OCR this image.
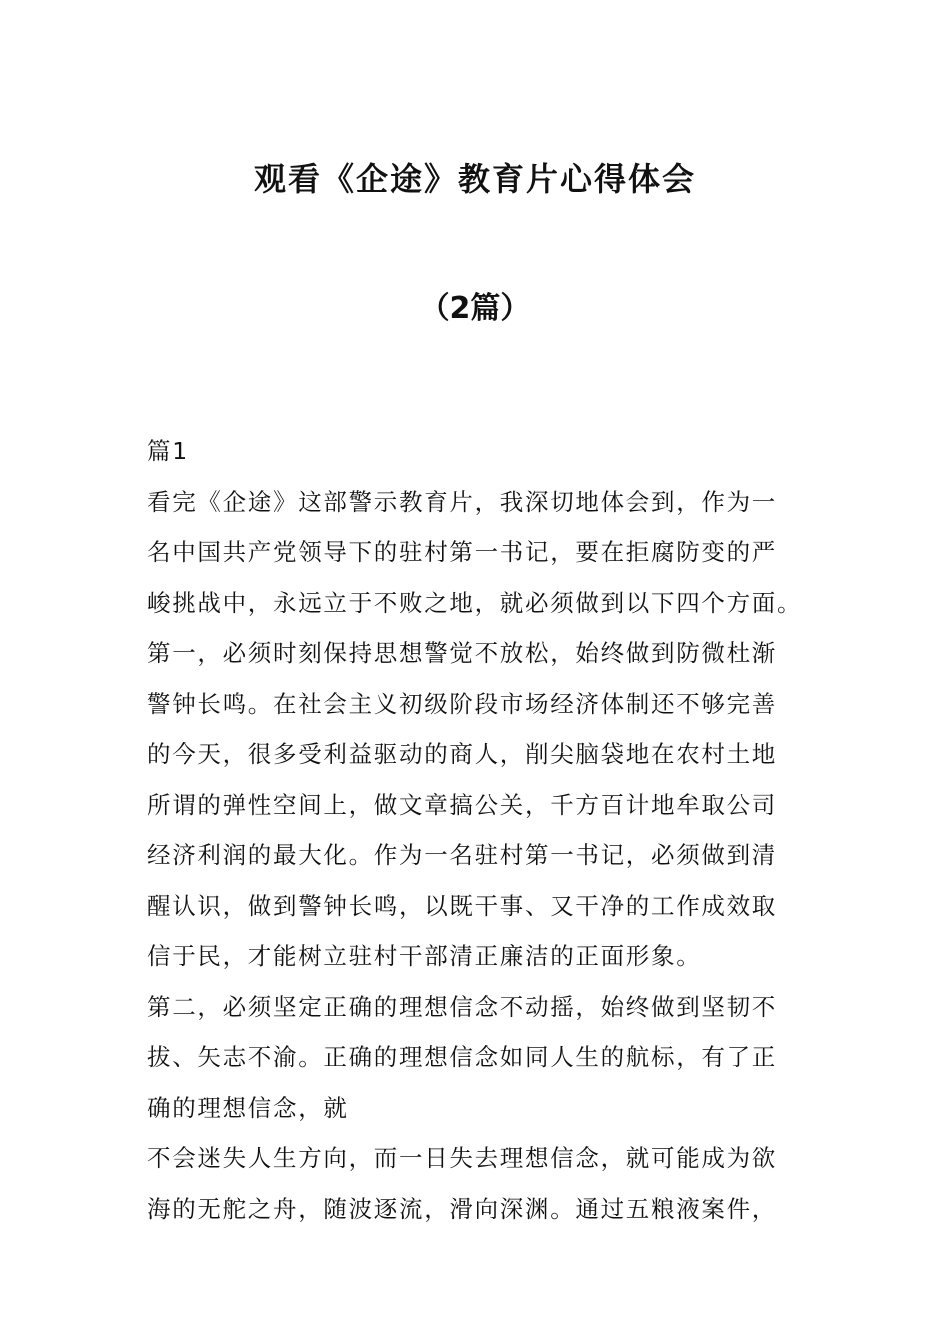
观看《企途》教育片心得体会
（2篇）
篇1
看完《企途》这部警示教育片，我深切地体会到，作为一
名中国共产党领导下的驻村第一书记，要在拒腐防变的严
峻挑战中，永远立于不败之地，就必须做到以下四个方面。
第一，必须时刻保持思想警觉不放松，始终做到防微杜渐
警钟长鸣。在社会主义初级阶段市场经济体制还不够完善
的今天，很多受利益驱动的商人，削尖脑袋地在农村土地
所谓的弹性空间上，做文章搞公关，千方百计地牟取公司
经济利润的最大化。作为一名驻村第一书记，必须做到清
醒认识，做到警钟长鸣，以既干事、又干净的工作成效取
信于民，才能树立驻村干部清正廉洁的正面形象。
第二，必须坚定正确的理想信念不动摇，始终做到坚韧不
拔、矢志不渝。正确的理想信念如同人生的航标，有了正
确的理想信念，就
不会迷失人生方向，而一日失去理想信念，就可能成为欲
海的无舵之舟，随波逐流，滑向深渊。通过五粮液案件，
